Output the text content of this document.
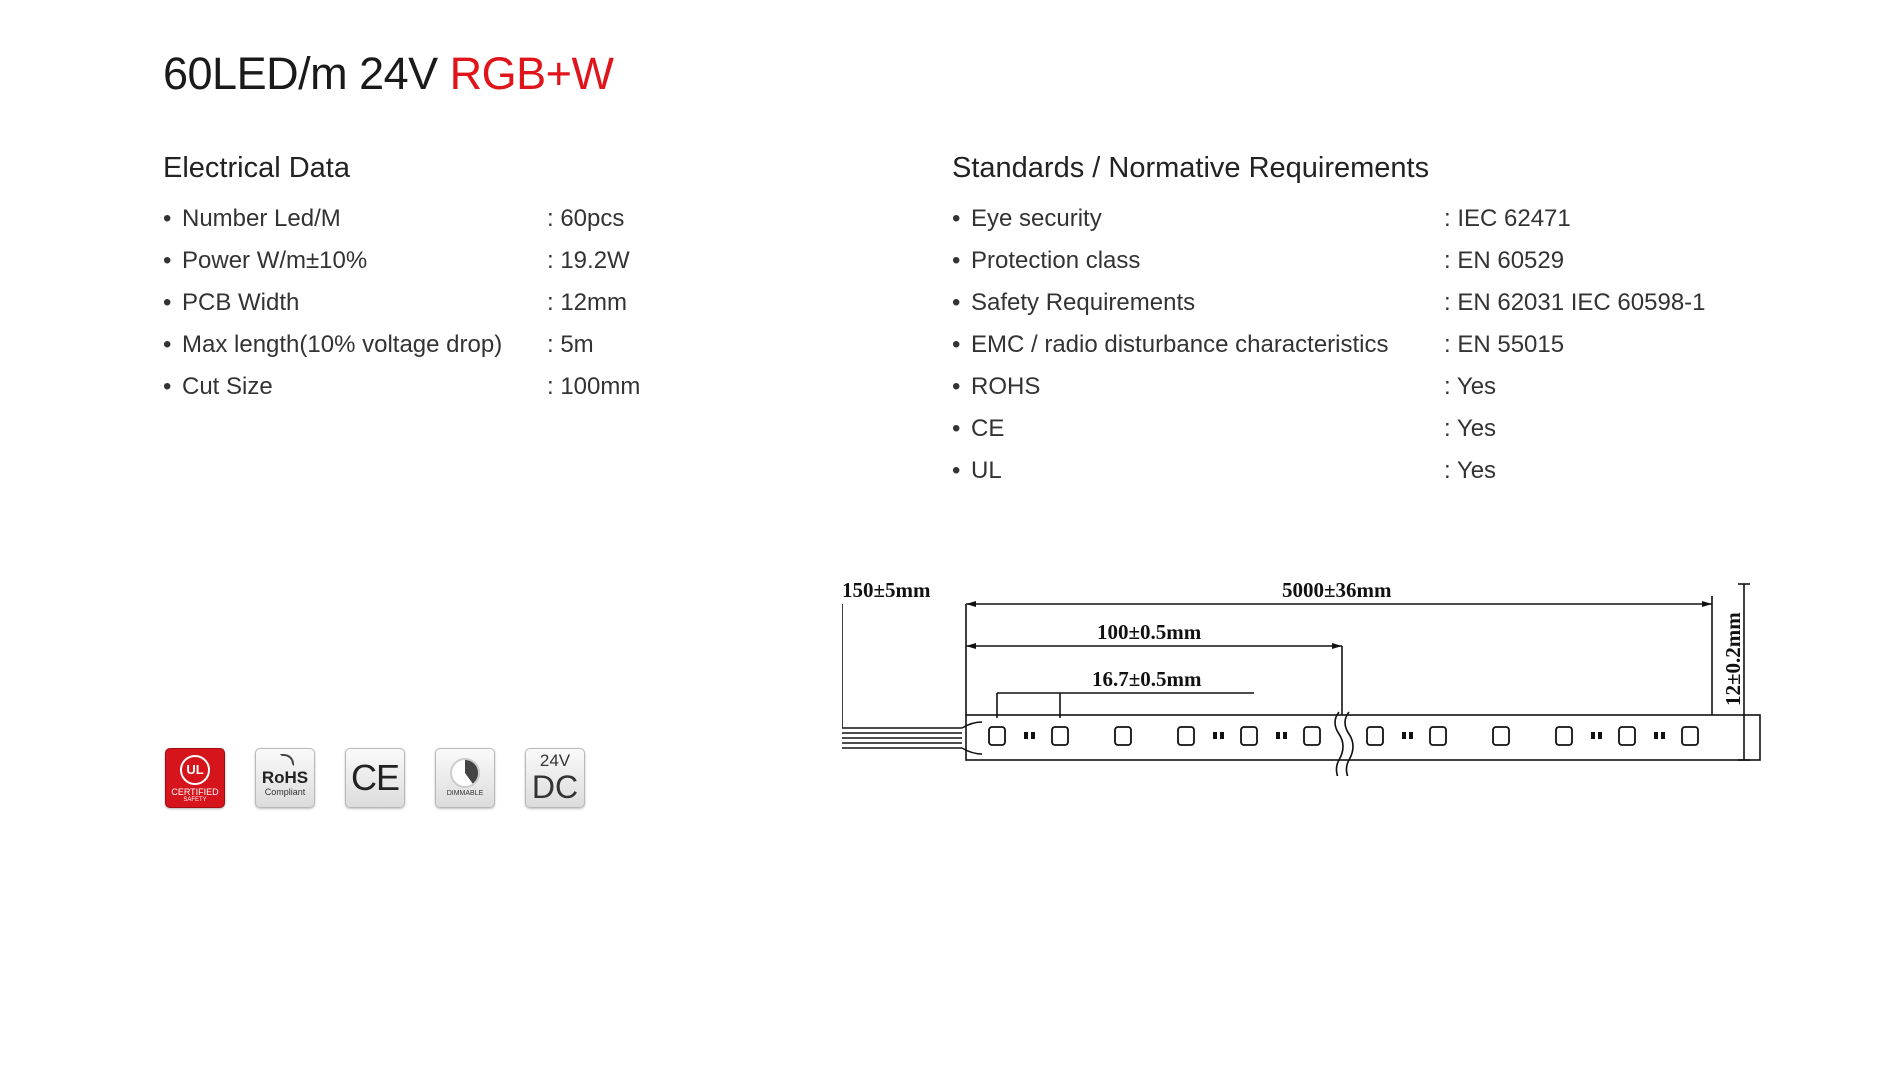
60LED/m 24V RGB+W
Electrical Data
• Number Led/M	: 60pcs
• Power W/m±10%	: 19.2W
• PCB Width	: 12mm
• Max length(10% voltage drop) : 5m
• Cut Size	: 100mm
Standards / Normative Requirements
• Eye security	: IEC 62471
• Protection class	: EN 60529
• Safety Requirements	: EN 62031 IEC 60598-1
• EMC / radio disturbance characteristics : EN 55015
• ROHS	: Yes
• CE	: Yes
• UL	: Yes
UL
CERTIFIED
SAFETY
RoHS
Compliant CE	DIMMABLE
24V
DC
150±5mm	5000±36mm
100±0.5mm
16.7±0.5mm	12±0.2mm
